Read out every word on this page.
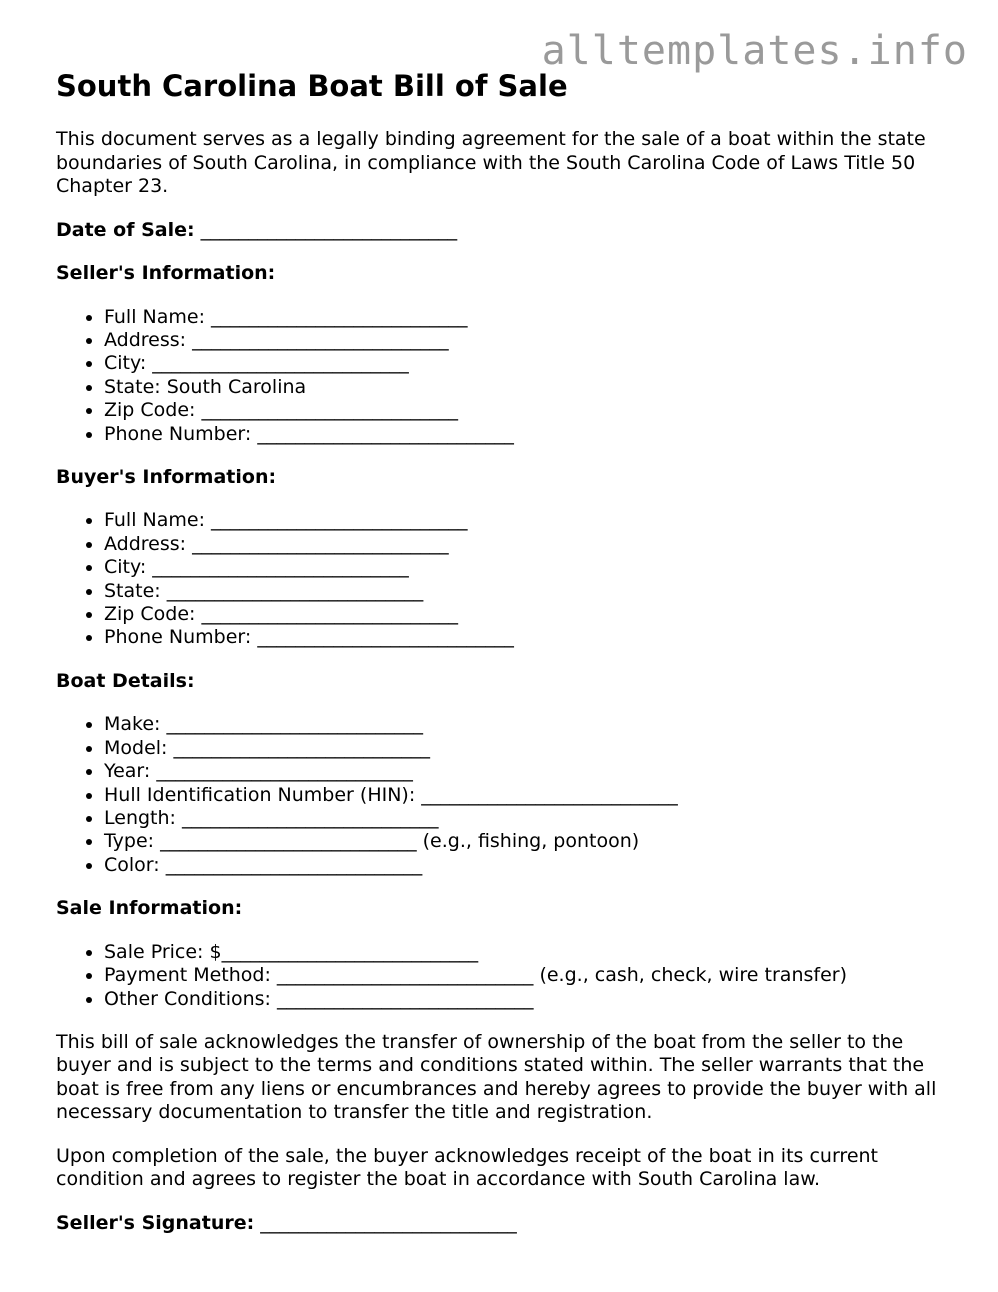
alltemplates.info
South Carolina Boat Bill of Sale

This document serves as a legally binding agreement for the sale of a boat within the state boundaries of South Carolina, in compliance with the South Carolina Code of Laws Title 50 Chapter 23.

Date of Sale: ___________________________
Seller's Information:
• Full Name: ___________________________
• Address: ___________________________
• City: ___________________________
• State: South Carolina
• Zip Code: ___________________________
• Phone Number: ___________________________
Buyer's Information:
• Full Name: ___________________________
• Address: ___________________________
• City: ___________________________
• State: ___________________________
• Zip Code: ___________________________
• Phone Number: ___________________________
Boat Details:
• Make: ___________________________
• Model: ___________________________
• Year: ___________________________
• Hull Identification Number (HIN): ___________________________
• Length: ___________________________
• Type: ___________________________ (e.g., fishing, pontoon)
• Color: ___________________________
Sale Information:
• Sale Price: $___________________________
• Payment Method: ___________________________ (e.g., cash, check, wire transfer)
• Other Conditions: ___________________________

This bill of sale acknowledges the transfer of ownership of the boat from the seller to the buyer and is subject to the terms and conditions stated within. The seller warrants that the boat is free from any liens or encumbrances and hereby agrees to provide the buyer with all necessary documentation to transfer the title and registration.

Upon completion of the sale, the buyer acknowledges receipt of the boat in its current condition and agrees to register the boat in accordance with South Carolina law.

Seller's Signature: ___________________________
